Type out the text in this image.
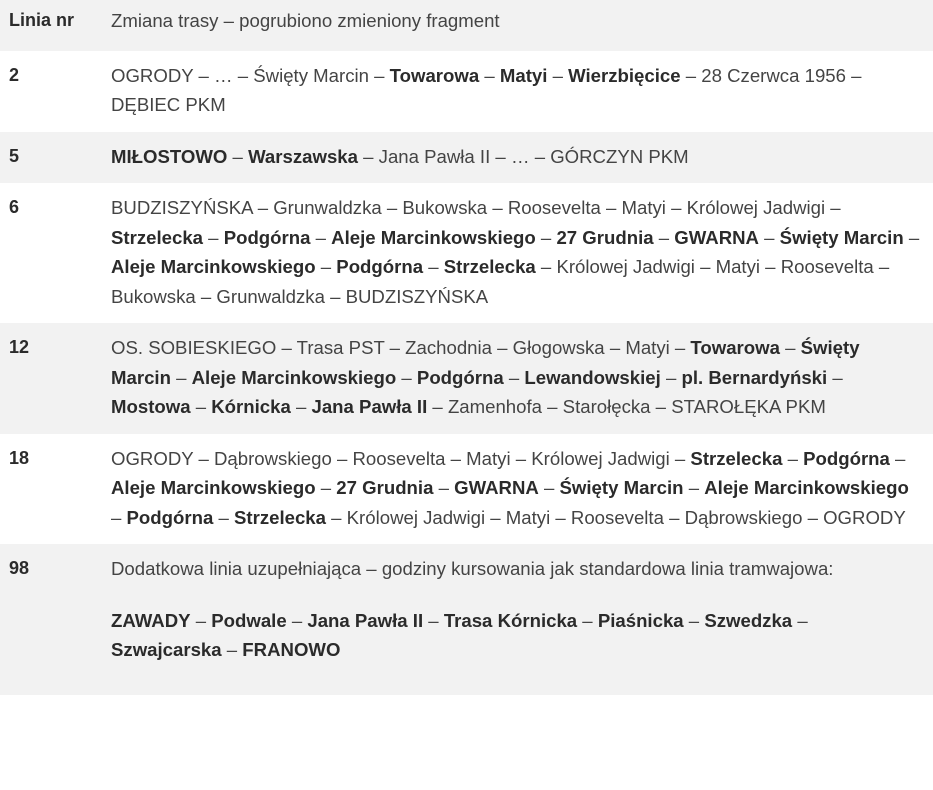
Linia nr	Zmiana trasy – pogrubiono zmieniony fragment
2	OGRODY – … – Święty Marcin – Towarowa – Matyi – Wierzbięcice – 28 Czerwca 1956 – DĘBIEC PKM

5	MIŁOSTOWO – Warszawska – Jana Pawła II – … – GÓRCZYN PKM

6	BUDZISZYŃSKA – Grunwaldzka – Bukowska – Roosevelta – Matyi – Królowej Jadwigi – Strzelecka – Podgórna – Aleje Marcinkowskiego – 27 Grudnia – GWARNA – Święty Marcin – Aleje Marcinkowskiego – Podgórna – Strzelecka – Królowej Jadwigi – Matyi – Roosevelta – Bukowska – Grunwaldzka – BUDZISZYŃSKA

12	OS. SOBIESKIEGO – Trasa PST – Zachodnia – Głogowska – Matyi – Towarowa – Święty Marcin – Aleje Marcinkowskiego – Podgórna – Lewandowskiej – pl. Bernardyński – Mostowa – Kórnicka – Jana Pawła II – Zamenhofa – Starołęcka – STAROŁĘKA PKM

18	OGRODY – Dąbrowskiego – Roosevelta – Matyi – Królowej Jadwigi – Strzelecka – Podgórna – Aleje Marcinkowskiego – 27 Grudnia – GWARNA – Święty Marcin – Aleje Marcinkowskiego – Podgórna – Strzelecka – Królowej Jadwigi – Matyi – Roosevelta – Dąbrowskiego – OGRODY

98	Dodatkowa linia uzupełniająca – godziny kursowania jak standardowa linia tramwajowa:
ZAWADY – Podwale – Jana Pawła II – Trasa Kórnicka – Piaśnicka – Szwedzka – Szwajcarska – FRANOWO
